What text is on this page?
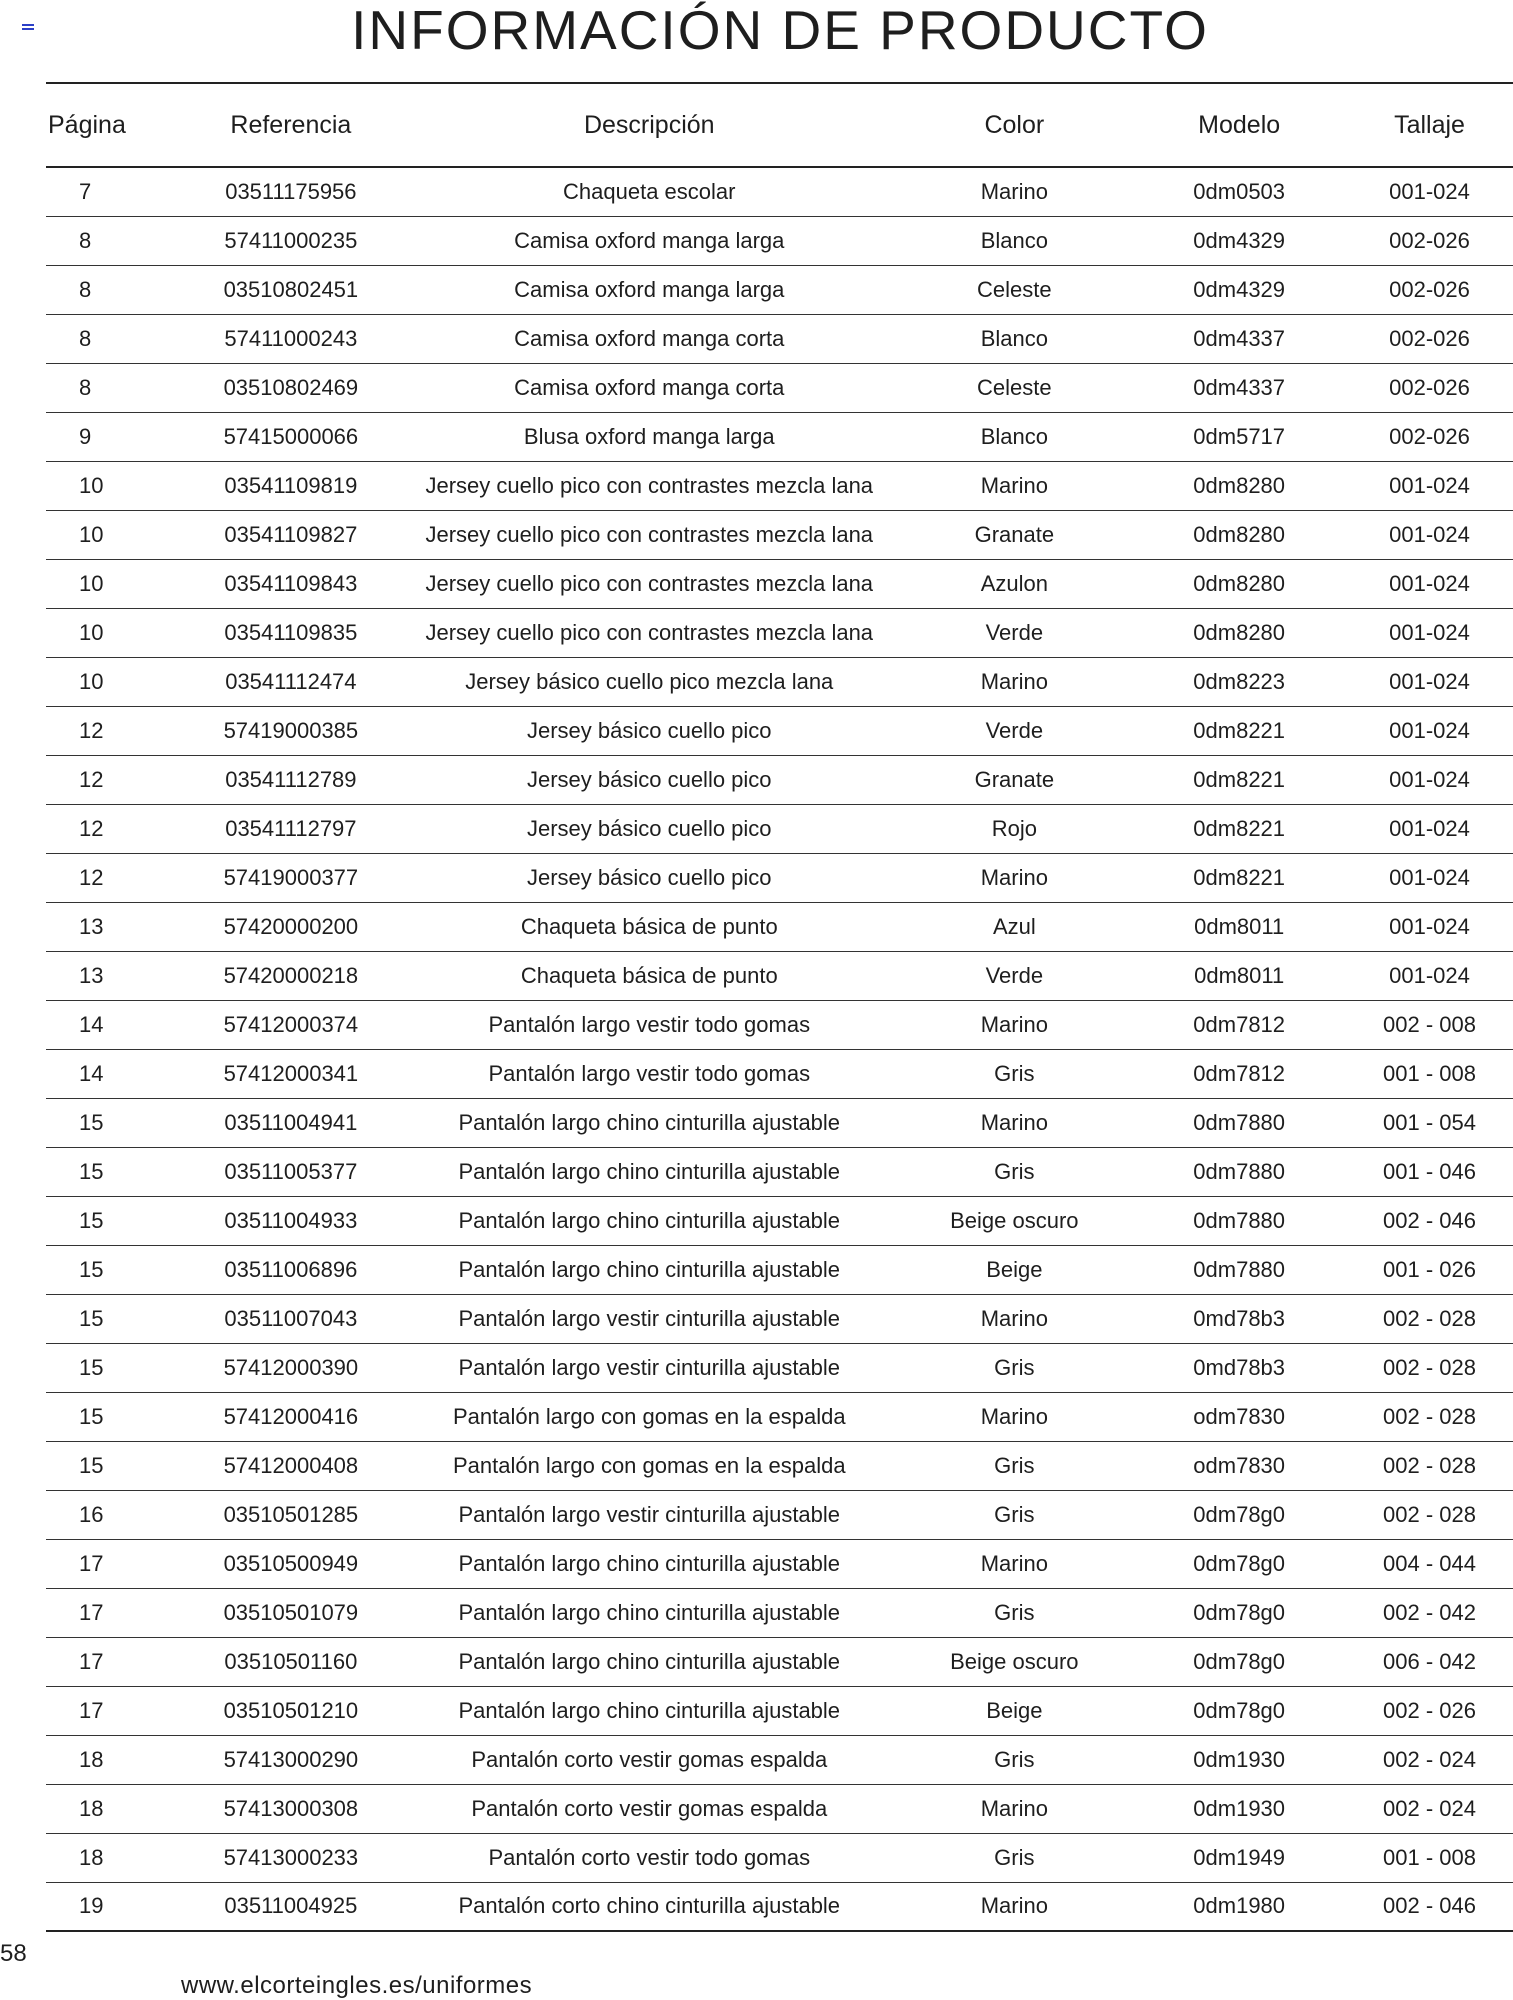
INFORMACIÓN DE PRODUCTO
Página	Referencia	Descripción	Color	Modelo	Tallaje
7	03511175956	Chaqueta escolar	Marino	0dm0503	001-024
8	57411000235	Camisa oxford manga larga	Blanco	0dm4329	002-026
8	03510802451	Camisa oxford manga larga	Celeste	0dm4329	002-026
8	57411000243	Camisa oxford manga corta	Blanco	0dm4337	002-026
8	03510802469	Camisa oxford manga corta	Celeste	0dm4337	002-026
9	57415000066	Blusa oxford manga larga	Blanco	0dm5717	002-026
10	03541109819	Jersey cuello pico con contrastes mezcla lana	Marino	0dm8280	001-024
10	03541109827	Jersey cuello pico con contrastes mezcla lana	Granate	0dm8280	001-024
10	03541109843	Jersey cuello pico con contrastes mezcla lana	Azulon	0dm8280	001-024
10	03541109835	Jersey cuello pico con contrastes mezcla lana	Verde	0dm8280	001-024
10	03541112474	Jersey básico cuello pico mezcla lana	Marino	0dm8223	001-024
12	57419000385	Jersey básico cuello pico	Verde	0dm8221	001-024
12	03541112789	Jersey básico cuello pico	Granate	0dm8221	001-024
12	03541112797	Jersey básico cuello pico	Rojo	0dm8221	001-024
12	57419000377	Jersey básico cuello pico	Marino	0dm8221	001-024
13	57420000200	Chaqueta básica de punto	Azul	0dm8011	001-024
13	57420000218	Chaqueta básica de punto	Verde	0dm8011	001-024
14	57412000374	Pantalón largo vestir todo gomas	Marino	0dm7812	002 - 008
14	57412000341	Pantalón largo vestir todo gomas	Gris	0dm7812	001 - 008
15	03511004941	Pantalón largo chino cinturilla ajustable	Marino	0dm7880	001 - 054
15	03511005377	Pantalón largo chino cinturilla ajustable	Gris	0dm7880	001 - 046
15	03511004933	Pantalón largo chino cinturilla ajustable	Beige oscuro	0dm7880	002 - 046
15	03511006896	Pantalón largo chino cinturilla ajustable	Beige	0dm7880	001 - 026
15	03511007043	Pantalón largo vestir cinturilla ajustable	Marino	0md78b3	002 - 028
15	57412000390	Pantalón largo vestir cinturilla ajustable	Gris	0md78b3	002 - 028
15	57412000416	Pantalón largo con gomas en la espalda	Marino	odm7830	002 - 028
15	57412000408	Pantalón largo con gomas en la espalda	Gris	odm7830	002 - 028
16	03510501285	Pantalón largo vestir cinturilla ajustable	Gris	0dm78g0	002 - 028
17	03510500949	Pantalón largo chino cinturilla ajustable	Marino	0dm78g0	004 - 044
17	03510501079	Pantalón largo chino cinturilla ajustable	Gris	0dm78g0	002 - 042
17	03510501160	Pantalón largo chino cinturilla ajustable	Beige oscuro	0dm78g0	006 - 042
17	03510501210	Pantalón largo chino cinturilla ajustable	Beige	0dm78g0	002 - 026
18	57413000290	Pantalón corto vestir gomas espalda	Gris	0dm1930	002 - 024
18	57413000308	Pantalón corto vestir gomas espalda	Marino	0dm1930	002 - 024
18	57413000233	Pantalón corto vestir todo gomas	Gris	0dm1949	001 - 008
19	03511004925	Pantalón corto chino cinturilla ajustable	Marino	0dm1980	002 - 046
58
www.elcorteingles.es/uniformes
